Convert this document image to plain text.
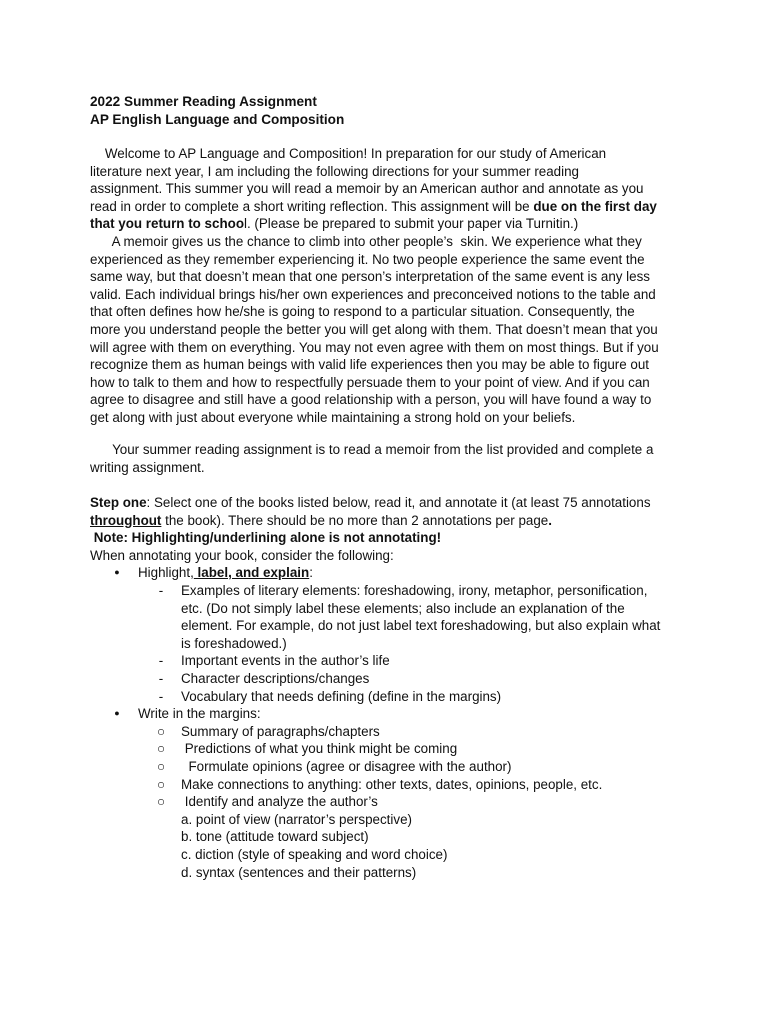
2022 Summer Reading Assignment
AP English Language and Composition
Welcome to AP Language and Composition! In preparation for our study of American
literature next year, I am including the following directions for your summer reading
assignment. This summer you will read a memoir by an American author and annotate as you
read in order to complete a short writing reflection. This assignment will be due on the first day
that you return to school. (Please be prepared to submit your paper via Turnitin.)
A memoir gives us the chance to climb into other people’s  skin. We experience what they
experienced as they remember experiencing it. No two people experience the same event the
same way, but that doesn’t mean that one person’s interpretation of the same event is any less
valid. Each individual brings his/her own experiences and preconceived notions to the table and
that often defines how he/she is going to respond to a particular situation. Consequently, the
more you understand people the better you will get along with them. That doesn’t mean that you
will agree with them on everything. You may not even agree with them on most things. But if you
recognize them as human beings with valid life experiences then you may be able to figure out
how to talk to them and how to respectfully persuade them to your point of view. And if you can
agree to disagree and still have a good relationship with a person, you will have found a way to
get along with just about everyone while maintaining a strong hold on your beliefs.
Your summer reading assignment is to read a memoir from the list provided and complete a
writing assignment.
Step one: Select one of the books listed below, read it, and annotate it (at least 75 annotations
throughout the book). There should be no more than 2 annotations per page.
Note: Highlighting/underlining alone is not annotating!
When annotating your book, consider the following:
● Highlight, label, and explain:
- Examples of literary elements: foreshadowing, irony, metaphor, personification,
etc. (Do not simply label these elements; also include an explanation of the
element. For example, do not just label text foreshadowing, but also explain what
is foreshadowed.)
- Important events in the author’s life
- Character descriptions/changes
- Vocabulary that needs defining (define in the margins)
● Write in the margins:
○ Summary of paragraphs/chapters
○ Predictions of what you think might be coming
○ Formulate opinions (agree or disagree with the author)
○ Make connections to anything: other texts, dates, opinions, people, etc.
○ Identify and analyze the author’s
a. point of view (narrator’s perspective)
b. tone (attitude toward subject)
c. diction (style of speaking and word choice)
d. syntax (sentences and their patterns)
